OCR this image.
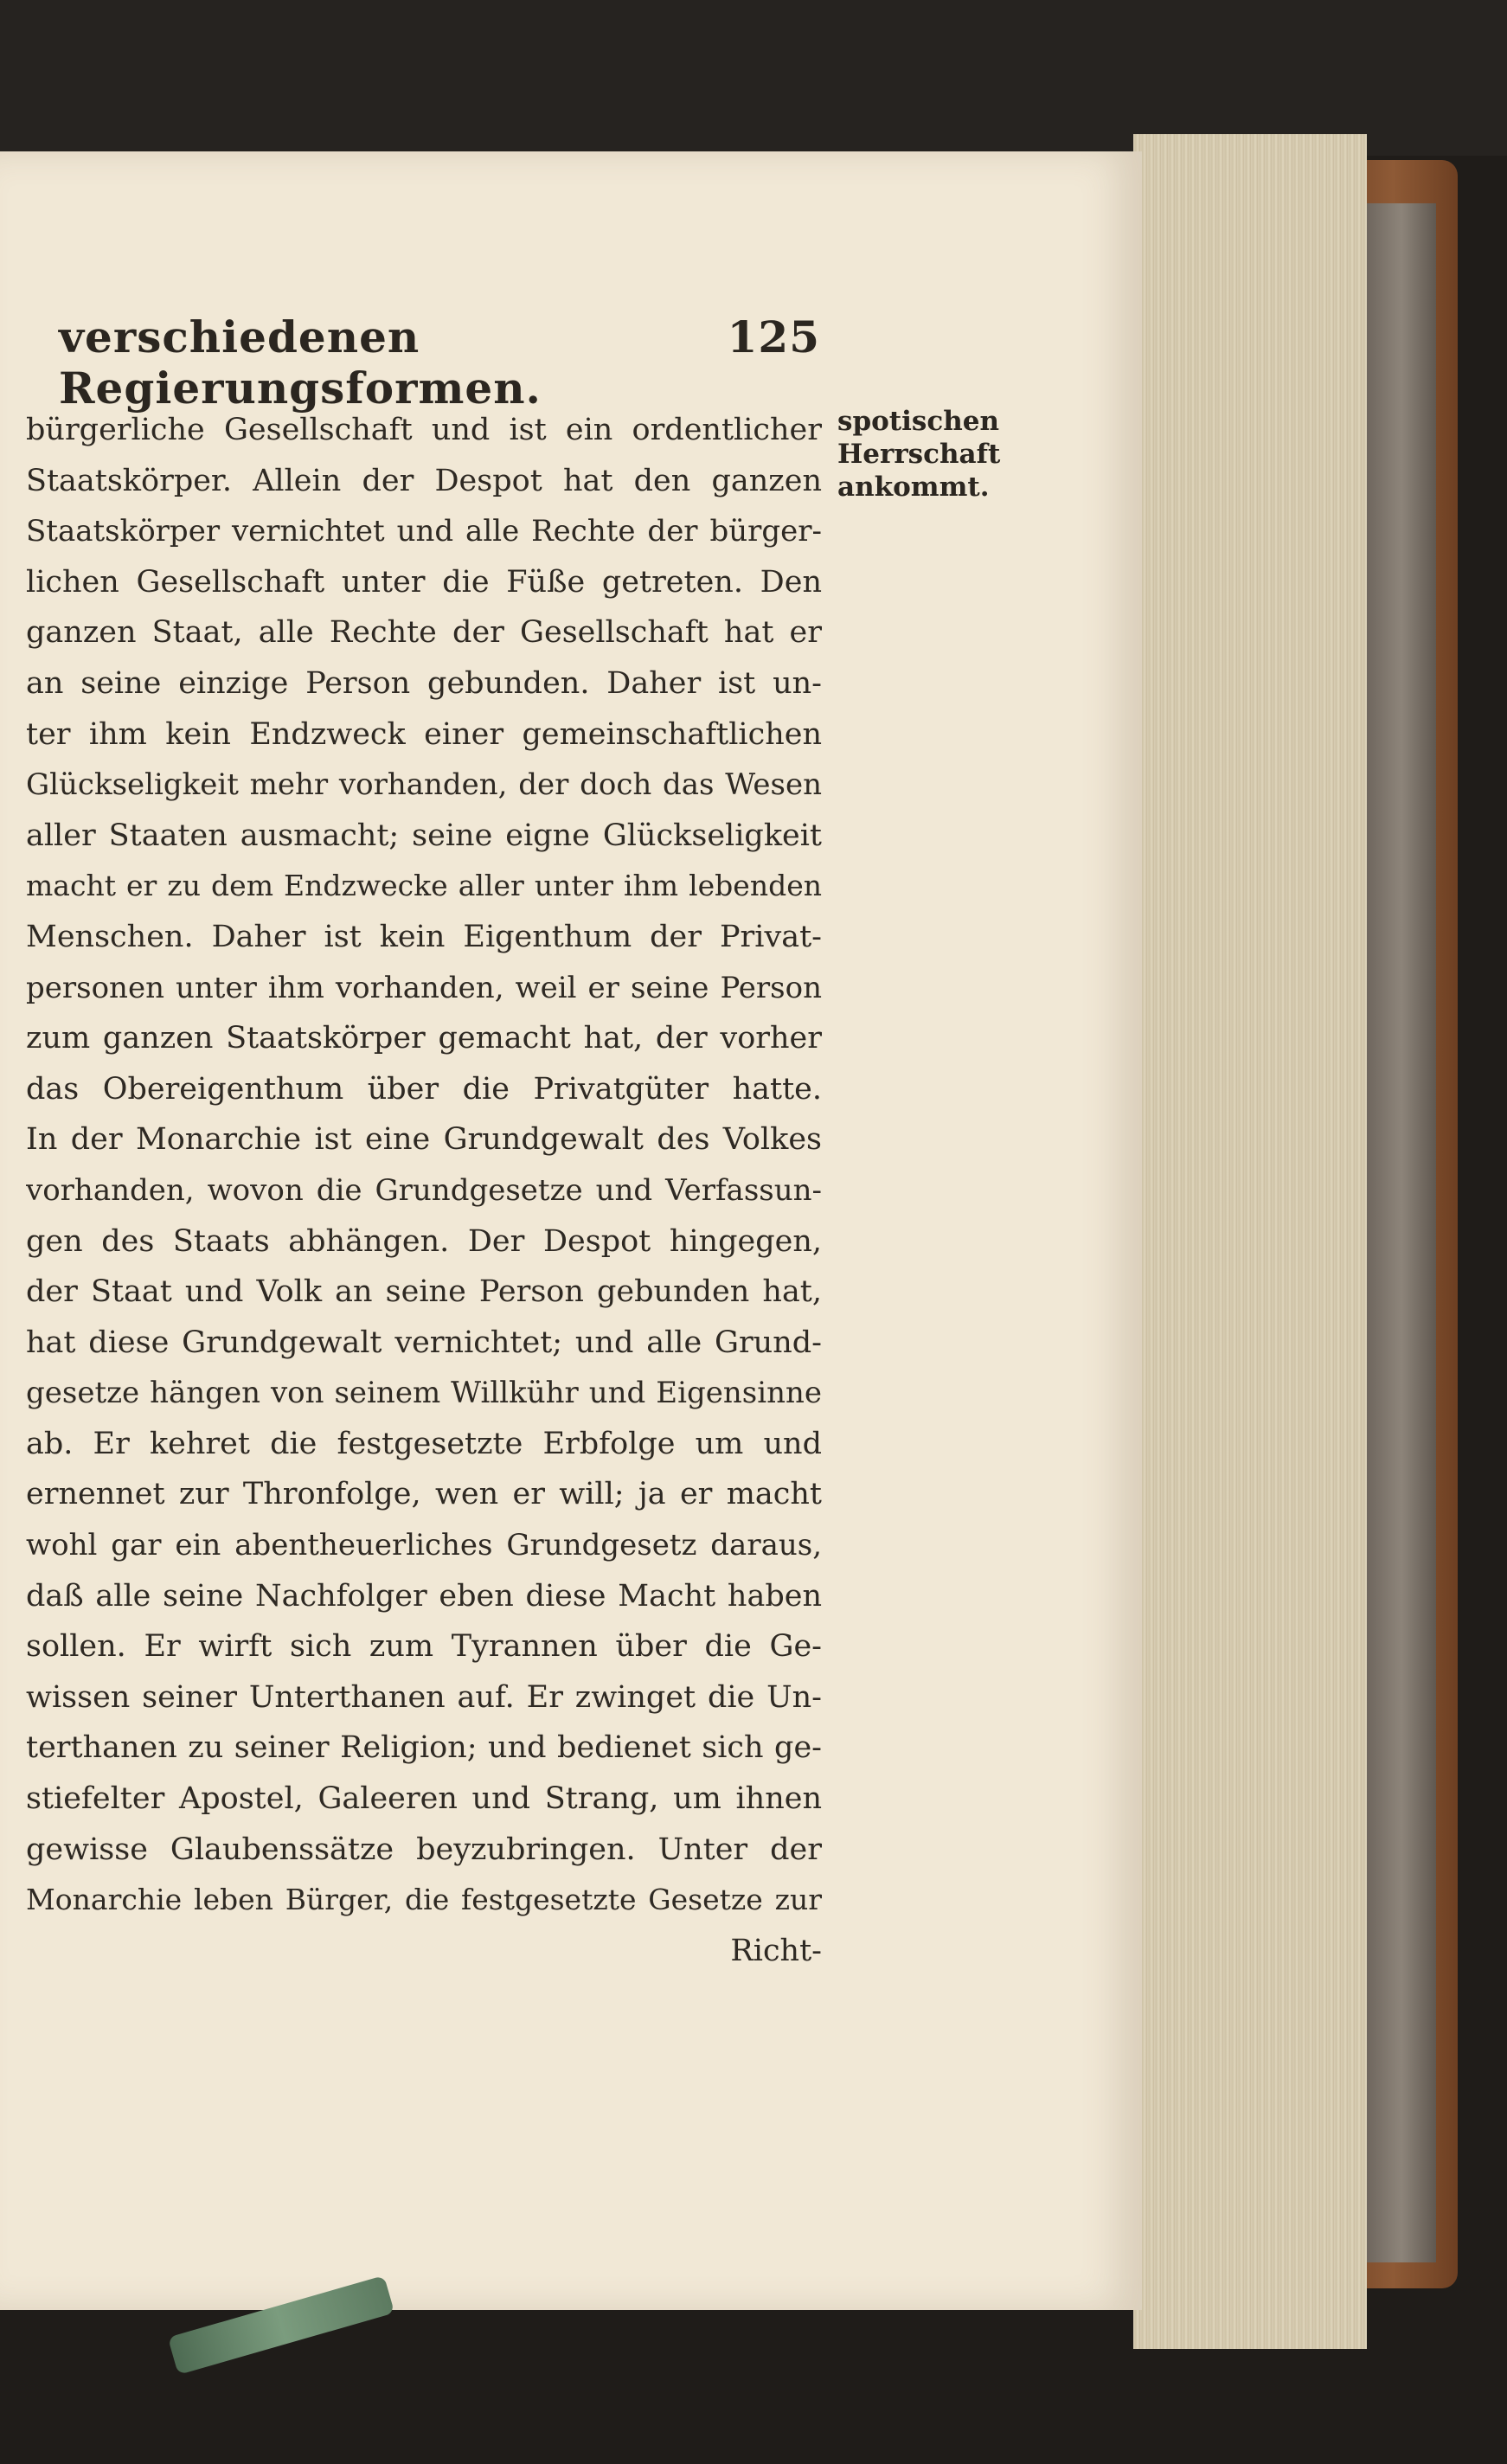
verschiedenen Regierungsformen.
125
spotischen
Herrschaft
ankommt.
bürgerliche Gesellschaft und ist ein ordentlicher
Staatskörper. Allein der Despot hat den ganzen
Staatskörper vernichtet und alle Rechte der bürger-
lichen Gesellschaft unter die Füße getreten. Den
ganzen Staat, alle Rechte der Gesellschaft hat er
an seine einzige Person gebunden. Daher ist un-
ter ihm kein Endzweck einer gemeinschaftlichen
Glückseligkeit mehr vorhanden, der doch das Wesen
aller Staaten ausmacht; seine eigne Glückseligkeit
macht er zu dem Endzwecke aller unter ihm lebenden
Menschen. Daher ist kein Eigenthum der Privat-
personen unter ihm vorhanden, weil er seine Person
zum ganzen Staatskörper gemacht hat, der vorher
das Obereigenthum über die Privatgüter hatte.
In der Monarchie ist eine Grundgewalt des Volkes
vorhanden, wovon die Grundgesetze und Verfassun-
gen des Staats abhängen. Der Despot hingegen,
der Staat und Volk an seine Person gebunden hat,
hat diese Grundgewalt vernichtet; und alle Grund-
gesetze hängen von seinem Willkühr und Eigensinne
ab. Er kehret die festgesetzte Erbfolge um und
ernennet zur Thronfolge, wen er will; ja er macht
wohl gar ein abentheuerliches Grundgesetz daraus,
daß alle seine Nachfolger eben diese Macht haben
sollen. Er wirft sich zum Tyrannen über die Ge-
wissen seiner Unterthanen auf. Er zwinget die Un-
terthanen zu seiner Religion; und bedienet sich ge-
stiefelter Apostel, Galeeren und Strang, um ihnen
gewisse Glaubenssätze beyzubringen. Unter der
Monarchie leben Bürger, die festgesetzte Gesetze zur
Richt-
